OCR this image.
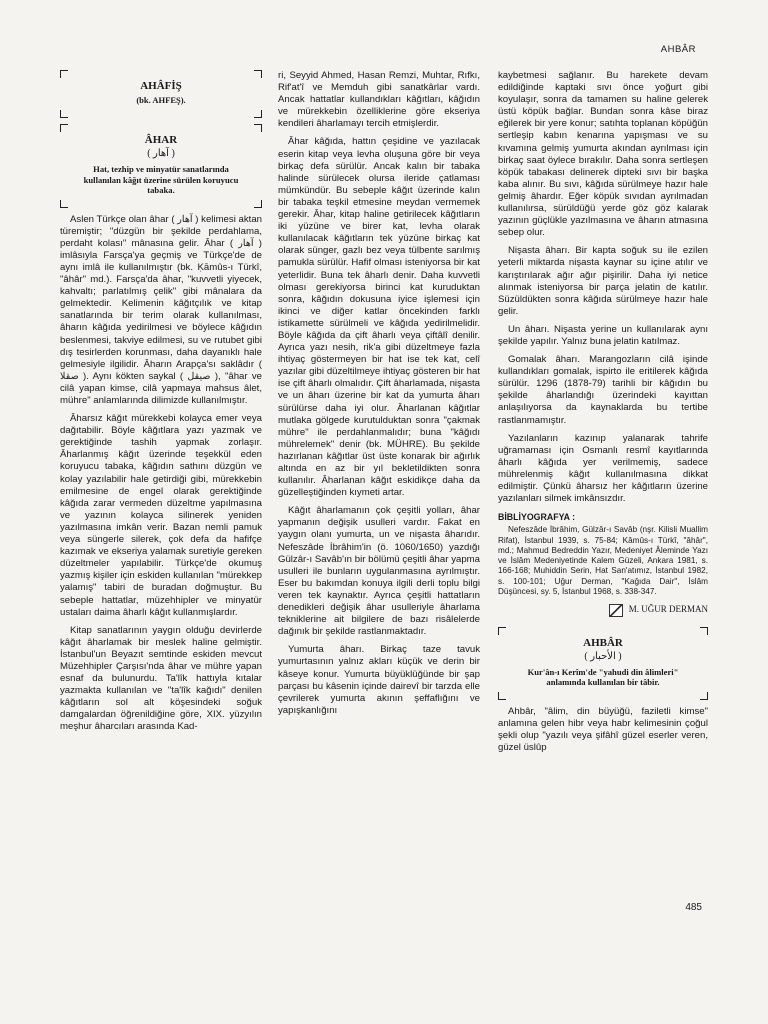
AHBÂR
AHÂFİŞ
(bk. AHFEŞ).
ÂHAR
( آهار )
Hat, tezhip ve minyatür sanatlarında kullanılan kâğıt üzerine sürülen koruyucu tabaka.

Aslen Türkçe olan âhar ( آهار ) kelimesi aktan türemiştir; "düzgün bir şekilde perdahlama, perdaht kolası" mânasına gelir. Âhar ( آهار ) imlâsıyla Farsça'ya geçmiş ve Türkçe'de de aynı imlâ ile kullanılmıştır (bk. Ḳāmûs-ı Türkî, "âhâr" md.). Farsça'da âhar, "kuvvetli yiyecek, kahvaltı; parlatılmış çelik" gibi mânalara da gelmektedir. Kelimenin kâğıtçılık ve kitap sanatlarında bir terim olarak kullanılması, âharın kâğıda yedirilmesi ve böylece kâğıdın beslenmesi, takviye edilmesi, su ve rutubet gibi dış tesirlerden korunması, daha dayanıklı hale gelmesiyle ilgilidir. Âharın Arapça'sı saklâdır ( صقلا ). Aynı kökten saykal ( صيقل ), "âhar ve cilâ yapan kimse, cilâ yapmaya mahsus âlet, mühre" anlamlarında dilimizde kullanılmıştır.

Âharsız kâğıt mürekkebi kolayca emer veya dağıtabilir. Böyle kâğıtlara yazı yazmak ve gerektiğinde tashih yapmak zorlaşır. Âharlanmış kâğıt üzerinde teşekkül eden koruyucu tabaka, kâğıdın sathını düzgün ve kolay yazılabilir hale getirdiği gibi, mürekkebin emilmesine de engel olarak gerektiğinde kâğıda zarar vermeden düzeltme yapılmasına ve yazının kolayca silinerek yeniden yazılmasına imkân verir. Bazan nemli pamuk veya süngerle silerek, çok defa da hafifçe kazımak ve ekseriya yalamak suretiyle gereken düzeltmeler yapılabilir. Türkçe'de okumuş yazmış kişiler için eskiden kullanılan "mürekkep yalamış" tabiri de buradan doğmuştur. Bu sebeple hattatlar, müzehhipler ve minyatür ustaları daima âharlı kâğıt kullanmışlardır.

Kitap sanatlarının yaygın olduğu devirlerde kâğıt âharlamak bir meslek haline gelmiştir. İstanbul'un Beyazıt semtinde eskiden mevcut Müzehhipler Çarşısı'nda âhar ve mühre yapan esnaf da bulunurdu. Ta'lîk hattıyla kıtalar yazmakta kullanılan ve "ta'lîk kağıdı" denilen kâğıtların sol alt köşesindeki soğuk damgalardan öğrenildiğine göre, XIX. yüzyılın meşhur âharcıları arasında Kad-

ri, Seyyid Ahmed, Hasan Remzi, Muhtar, Rıfkı, Rif'at'î ve Memduh gibi sanatkârlar vardı. Ancak hattatlar kullandıkları kâğıtları, kâğıdın ve mürekkebin özelliklerine göre ekseriya kendileri âharlamayı tercih etmişlerdir.

Âhar kâğıda, hattın çeşidine ve yazılacak eserin kitap veya levha oluşuna göre bir veya birkaç defa sürülür. Ancak kalın bir tabaka halinde sürülecek olursa ileride çatlaması mümkündür. Bu sebeple kâğıt üzerinde kalın bir tabaka teşkil etmesine meydan vermemek gerekir. Âhar, kitap haline getirilecek kâğıtların iki yüzüne ve birer kat, levha olarak kullanılacak kâğıtların tek yüzüne birkaç kat olarak sünger, gazlı bez veya tülbente sarılmış pamukla sürülür. Hafif olması isteniyorsa bir kat yeterlidir. Buna tek âharlı denir. Daha kuvvetli olması gerekiyorsa birinci kat kuruduktan sonra, kâğıdın dokusuna iyice işlemesi için ikinci ve diğer katlar öncekinden farklı istikamette sürülmeli ve kâğıda yedirilmelidir. Böyle kâğıda da çift âharlı veya çiftâlî denilir. Ayrıca yazı nesih, rik'a gibi düzeltmeye fazla ihtiyaç göstermeyen bir hat ise tek kat, celî yazılar gibi düzeltilmeye ihtiyaç gösteren bir hat ise çift âharlı olmalıdır. Çift âharlamada, nişasta ve un âharı üzerine bir kat da yumurta âharı sürülürse daha iyi olur. Âharlanan kâğıtlar mutlaka gölgede kurutulduktan sonra "çakmak mühre" ile perdahlanmalıdır; buna "kâğıdı mührelemek" denir (bk. MÜHRE). Bu şekilde hazırlanan kâğıtlar üst üste konarak bir ağırlık altında en az bir yıl bekletildikten sonra kullanılır. Âharlanan kâğıt eskidikçe daha da güzelleştiğinden kıymeti artar.

Kâğıt âharlamanın çok çeşitli yolları, âhar yapmanın değişik usulleri vardır. Fakat en yaygın olanı yumurta, un ve nişasta âharıdır. Nefeszâde İbrâhim'in (ö. 1060/1650) yazdığı Gülzâr-ı Savâb'ın bir bölümü çeşitli âhar yapma usulleri ile bunların uygulanmasına ayrılmıştır. Eser bu bakımdan konuya ilgili derli toplu bilgi veren tek kaynaktır. Ayrıca çeşitli hattatların denedikleri değişik âhar usulleriyle âharlama tekniklerine ait bilgilere de bazı risâlelerde dağınık bir şekilde rastlanmaktadır.

Yumurta âharı. Birkaç taze tavuk yumurtasının yalnız akları küçük ve derin bir kâseye konur. Yumurta büyüklüğünde bir şap parçası bu kâsenin içinde dairevî bir tarzda elle çevrilerek yumurta akının şeffaflığını ve yapışkanlığını

kaybetmesi sağlanır. Bu harekete devam edildiğinde kaptaki sıvı önce yoğurt gibi koyulaşır, sonra da tamamen su haline gelerek üstü köpük bağlar. Bundan sonra kâse biraz eğilerek bir yere konur; satıhta toplanan köpüğün sertleşip kabın kenarına yapışması ve su kıvamına gelmiş yumurta akından ayrılması için birkaç saat öylece bırakılır. Daha sonra sertleşen köpük tabakası delinerek dipteki sıvı bir başka kaba alınır. Bu sıvı, kâğıda sürülmeye hazır hale gelmiş âhardır. Eğer köpük sıvıdan ayrılmadan kullanılırsa, sürüldüğü yerde göz göz kalarak yazının güçlükle yazılmasına ve âharın atmasına sebep olur.

Nişasta âharı. Bir kapta soğuk su ile ezilen yeterli miktarda nişasta kaynar su içine atılır ve karıştırılarak ağır ağır pişirilir. Daha iyi netice alınmak isteniyorsa bir parça jelatin de katılır. Süzüldükten sonra kâğıda sürülmeye hazır hale gelir.

Un âharı. Nişasta yerine un kullanılarak aynı şekilde yapılır. Yalnız buna jelatin katılmaz.

Gomalak âharı. Marangozların cilâ işinde kullandıkları gomalak, ispirto ile eritilerek kâğıda sürülür. 1296 (1878-79) tarihli bir kâğıdın bu şekilde âharlandığı üzerindeki kayıttan anlaşılıyorsa da kaynaklarda bu tertibe rastlanmamıştır.

Yazılanların kazınıp yalanarak tahrife uğramaması için Osmanlı resmî kayıtlarında âharlı kâğıda yer verilmemiş, sadece mührelenmiş kâğıt kullanılmasına dikkat edilmiştir. Çünkü âharsız her kâğıtların üzerine yazılanları silmek imkânsızdır.

BİBLİYOGRAFYA :

Nefeszâde İbrâhim, Gülzâr-ı Savâb (nşr. Kilisli Muallim Rifat), İstanbul 1939, s. 75-84; Kâmûs-ı Türkî, "âhâr", md.; Mahmud Bedreddin Yazır, Medeniyet Âleminde Yazı ve İslâm Medeniyetinde Kalem Güzeli, Ankara 1981, s. 166-168; Muhiddin Serin, Hat San'atımız, İstanbul 1982, s. 100-101; Uğur Derman, "Kağıda Dair", İslâm Düşüncesi, sy. 5, İstanbul 1968, s. 338-347.

M. UĞUR DERMAN
AHBÂR
( الأحبار )
Kur'ân-ı Kerîm'de "yahudi din âlimleri" anlamında kullanılan bir tâbir.

Ahbâr, "âlim, din büyüğü, faziletli kimse" anlamına gelen hibr veya habr kelimesinin çoğul şekli olup "yazılı veya şifâhî güzel eserler veren, güzel üslûp

485
